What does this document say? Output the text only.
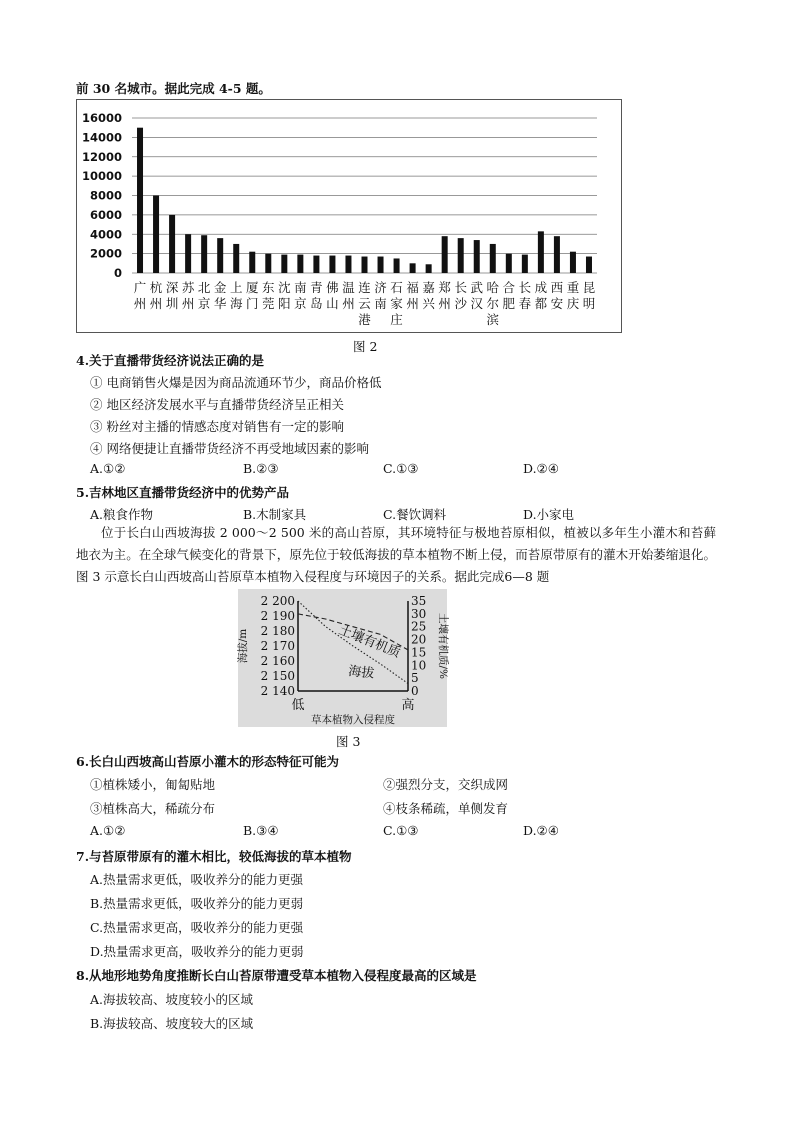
前 30 名城市。据此完成 4-5 题。
16000
14000
12000
10000
8000
6000
4000
2000
0
广州
杭州
深圳
苏州
北京
金华
上海
厦门
东莞
沈阳
南京
青岛
佛山
温州
连云港
济南
石家庄
福州
嘉兴
郑州
长沙
武汉
哈尔滨
合肥
长春
成都
西安
重庆
昆明
图 2
4.关于直播带货经济说法正确的是
① 电商销售火爆是因为商品流通环节少，商品价格低
② 地区经济发展水平与直播带货经济呈正相关
③ 粉丝对主播的情感态度对销售有一定的影响
④ 网络便捷让直播带货经济不再受地域因素的影响
A.①②	B.②③	C.①③	D.②④
5.吉林地区直播带货经济中的优势产品
A.粮食作物	B.木制家具	C.餐饮调料	D.小家电
位于长白山西坡海拔 2 000～2 500 米的高山苔原，其环境特征与极地苔原相似，植被以多年生小灌木和苔藓地衣为主。在全球气候变化的背景下，原先位于较低海拔的草本植物不断上侵，而苔原带原有的灌木开始萎缩退化。图 3 示意长白山西坡高山苔原草本植物入侵程度与环境因子的关系。据此完成6—8 题
2 200
2 190
2 180
2 170
2 160
2 150
2 140
35
30
25
20
15
10
5
0
海拔/m	土壤有机质/%
低	高
草本植物入侵程度
土壤有机质
海拔
图 3
6.长白山西坡高山苔原小灌木的形态特征可能为
①植株矮小，匍匐贴地	②强烈分支，交织成网
③植株高大，稀疏分布	④枝条稀疏，单侧发育
A.①②	B.③④	C.①③	D.②④
7.与苔原带原有的灌木相比，较低海拔的草本植物
A.热量需求更低，吸收养分的能力更强
B.热量需求更低，吸收养分的能力更弱
C.热量需求更高，吸收养分的能力更强
D.热量需求更高，吸收养分的能力更弱
8.从地形地势角度推断长白山苔原带遭受草本植物入侵程度最高的区域是
A.海拔较高、坡度较小的区域
B.海拔较高、坡度较大的区域
